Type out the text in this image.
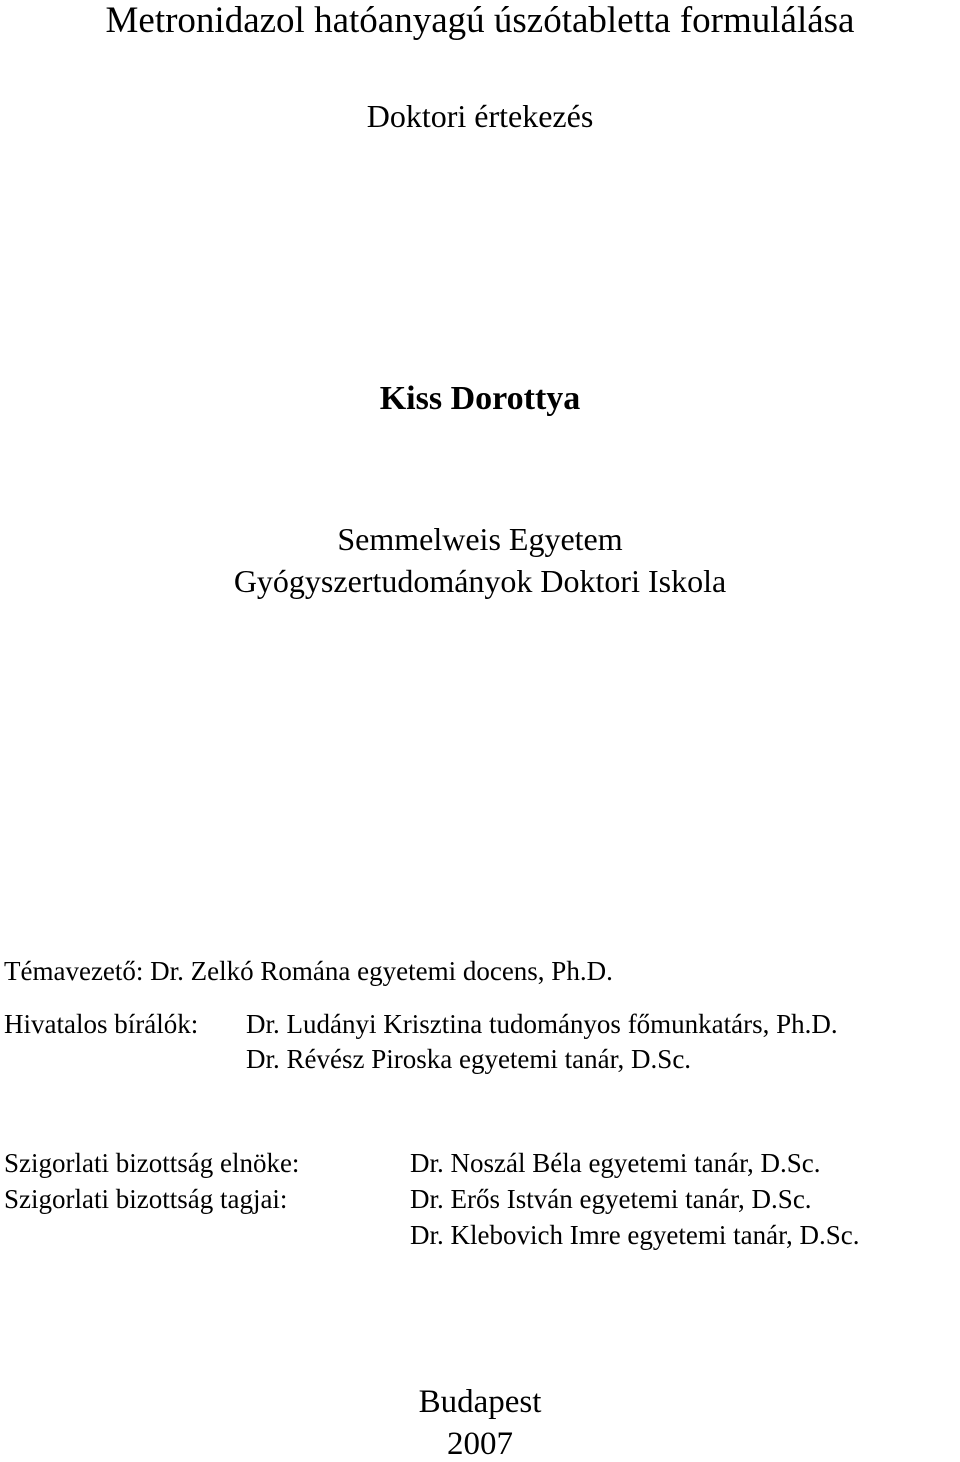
Metronidazol hatóanyagú úszótabletta formulálása
Doktori értekezés
Kiss Dorottya
Semmelweis Egyetem
Gyógyszertudományok Doktori Iskola
Témavezető: Dr. Zelkó Romána egyetemi docens, Ph.D.
Hivatalos bírálók: Dr. Ludányi Krisztina tudományos főmunkatárs, Ph.D.
Dr. Révész Piroska egyetemi tanár, D.Sc.
Szigorlati bizottság elnöke:	Dr. Noszál Béla egyetemi tanár, D.Sc.
Szigorlati bizottság tagjai:	Dr. Erős István egyetemi tanár, D.Sc.
Dr. Klebovich Imre egyetemi tanár, D.Sc.
Budapest
2007
